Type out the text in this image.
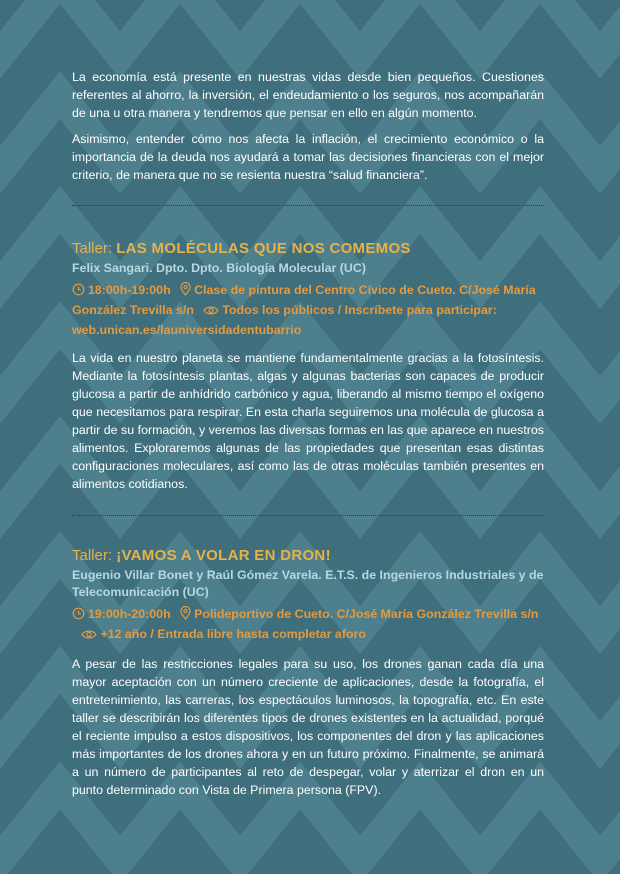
La economía está presente en nuestras vidas desde bien pequeños. Cuestiones referentes al ahorro, la inversión, el endeudamiento o los seguros, nos acompañarán de una u otra manera y tendremos que pensar en ello en algún momento.

Asimismo, entender cómo nos afecta la inflación, el crecimiento económico o la importancia de la deuda nos ayudará a tomar las decisiones financieras con el mejor criterio, de manera que no se resienta nuestra “salud financiera”.

Taller: LAS MOLÉCULAS QUE NOS COMEMOS
Felix Sangari. Dpto. Dpto. Biología Molecular (UC)
18:00h-19:00h Clase de pintura del Centro Cívico de Cueto. C/José María González Trevilla s/n Todos los públicos / Inscríbete para participar: web.unican.es/launiversidadentubarrio

La vida en nuestro planeta se mantiene fundamentalmente gracias a la fotosíntesis. Mediante la fotosíntesis plantas, algas y algunas bacterias son capaces de producir glucosa a partir de anhídrido carbónico y agua, liberando al mismo tiempo el oxígeno que necesitamos para respirar. En esta charla seguiremos una molécula de glucosa a partir de su formación, y veremos las diversas formas en las que aparece en nuestros alimentos. Exploraremos algunas de las propiedades que presentan esas distintas configuraciones moleculares, así como las de otras moléculas también presentes en alimentos cotidianos.

Taller: ¡VAMOS A VOLAR EN DRON!
Eugenio Villar Bonet y Raúl Gómez Varela. E.T.S. de Ingenieros Industriales y de Telecomunicación (UC)
19:00h-20:00h Polideportivo de Cueto. C/José María González Trevilla s/n +12 año / Entrada libre hasta completar aforo

A pesar de las restricciones legales para su uso, los drones ganan cada día una mayor aceptación con un número creciente de aplicaciones, desde la fotografía, el entretenimiento, las carreras, los espectáculos luminosos, la topografía, etc. En este taller se describirán los diferentes tipos de drones existentes en la actualidad, porqué el reciente impulso a estos dispositivos, los componentes del dron y las aplicaciones más importantes de los drones ahora y en un futuro próximo. Finalmente, se animará a un número de participantes al reto de despegar, volar y aterrizar el dron en un punto determinado con Vista de Primera persona (FPV).
